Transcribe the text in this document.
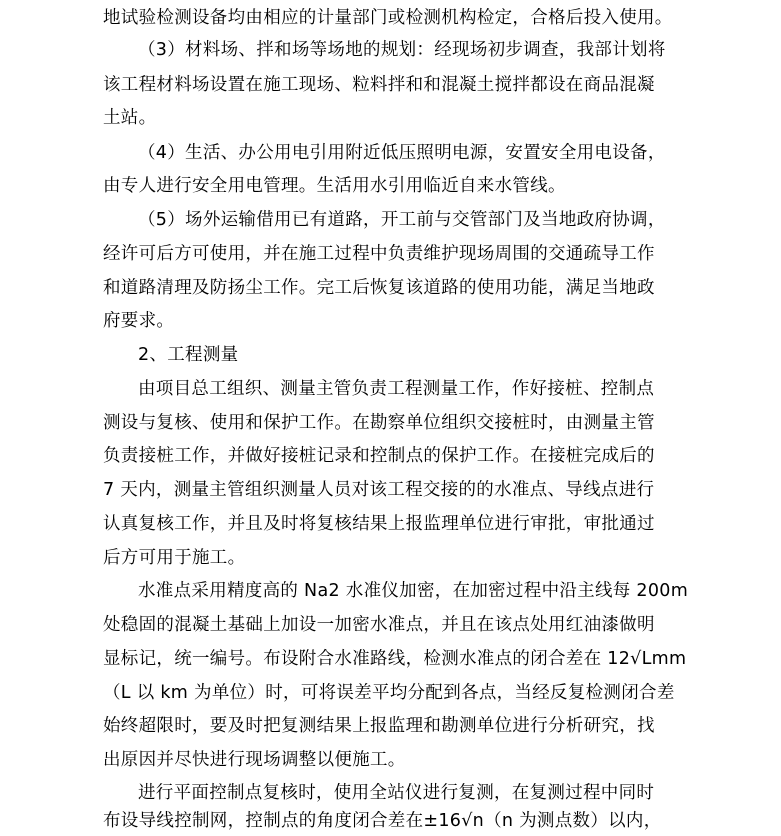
地试验检测设备均由相应的计量部门或检测机构检定，合格后投入使用。
（3）材料场、拌和场等场地的规划：经现场初步调查，我部计划将
该工程材料场设置在施工现场、粒料拌和和混凝土搅拌都设在商品混凝
土站。
（4）生活、办公用电引用附近低压照明电源，安置安全用电设备，
由专人进行安全用电管理。生活用水引用临近自来水管线。
（5）场外运输借用已有道路，开工前与交管部门及当地政府协调，
经许可后方可使用，并在施工过程中负责维护现场周围的交通疏导工作
和道路清理及防扬尘工作。完工后恢复该道路的使用功能，满足当地政
府要求。
2、工程测量
由项目总工组织、测量主管负责工程测量工作，作好接桩、控制点
测设与复核、使用和保护工作。在勘察单位组织交接桩时，由测量主管
负责接桩工作，并做好接桩记录和控制点的保护工作。在接桩完成后的
7 天内，测量主管组织测量人员对该工程交接的的水准点、导线点进行
认真复核工作，并且及时将复核结果上报监理单位进行审批，审批通过
后方可用于施工。
水准点采用精度高的 Na2 水准仪加密，在加密过程中沿主线每 200m
处稳固的混凝土基础上加设一加密水准点，并且在该点处用红油漆做明
显标记，统一编号。布设附合水准路线，检测水准点的闭合差在 12√Lmm
（L 以 km 为单位）时，可将误差平均分配到各点，当经反复检测闭合差
始终超限时，要及时把复测结果上报监理和勘测单位进行分析研究，找
出原因并尽快进行现场调整以便施工。
进行平面控制点复核时，使用全站仪进行复测，在复测过程中同时
布设导线控制网，控制点的角度闭合差在±16√n（n 为测点数）以内，
